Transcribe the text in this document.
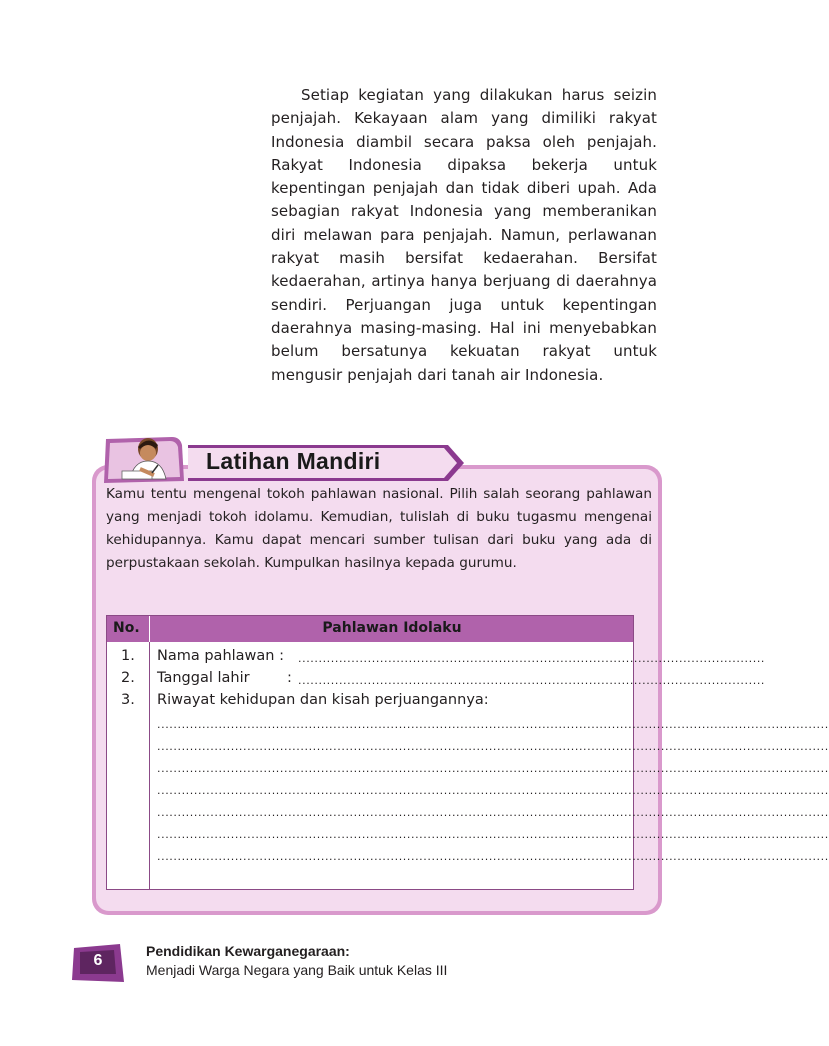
Setiap kegiatan yang dilakukan harus seizin penjajah. Kekayaan alam yang dimiliki rakyat Indonesia diambil secara paksa oleh penjajah. Rakyat Indonesia dipaksa bekerja untuk kepentingan penjajah dan tidak diberi upah. Ada sebagian rakyat Indonesia yang memberanikan diri melawan para penjajah. Namun, perlawanan rakyat masih bersifat kedaerahan. Bersifat kedaerahan, artinya hanya berjuang di daerahnya sendiri. Perjuangan juga untuk kepentingan daerahnya masing-masing. Hal ini menyebabkan belum bersatunya kekuatan rakyat untuk mengusir penjajah dari tanah air Indonesia.

Latihan Mandiri

Kamu tentu mengenal tokoh pahlawan nasional. Pilih salah seorang pahlawan yang menjadi tokoh idolamu. Kemudian, tulislah di buku tugasmu mengenai kehidupannya. Kamu dapat mencari sumber tulisan dari buku yang ada di perpustakaan sekolah. Kumpulkan hasilnya kepada gurumu.

No.	Pahlawan Idolaku
1. Nama pahlawan : ..................................................................................................................
2. Tanggal lahir	: ..................................................................................................................
3. Riwayat kehidupan dan kisah perjuangannya:
....................................................................................................................................................................
....................................................................................................................................................................
....................................................................................................................................................................
....................................................................................................................................................................
....................................................................................................................................................................
....................................................................................................................................................................
....................................................................................................................................................................
6

Pendidikan Kewarganegaraan:

Menjadi Warga Negara yang Baik untuk Kelas III
